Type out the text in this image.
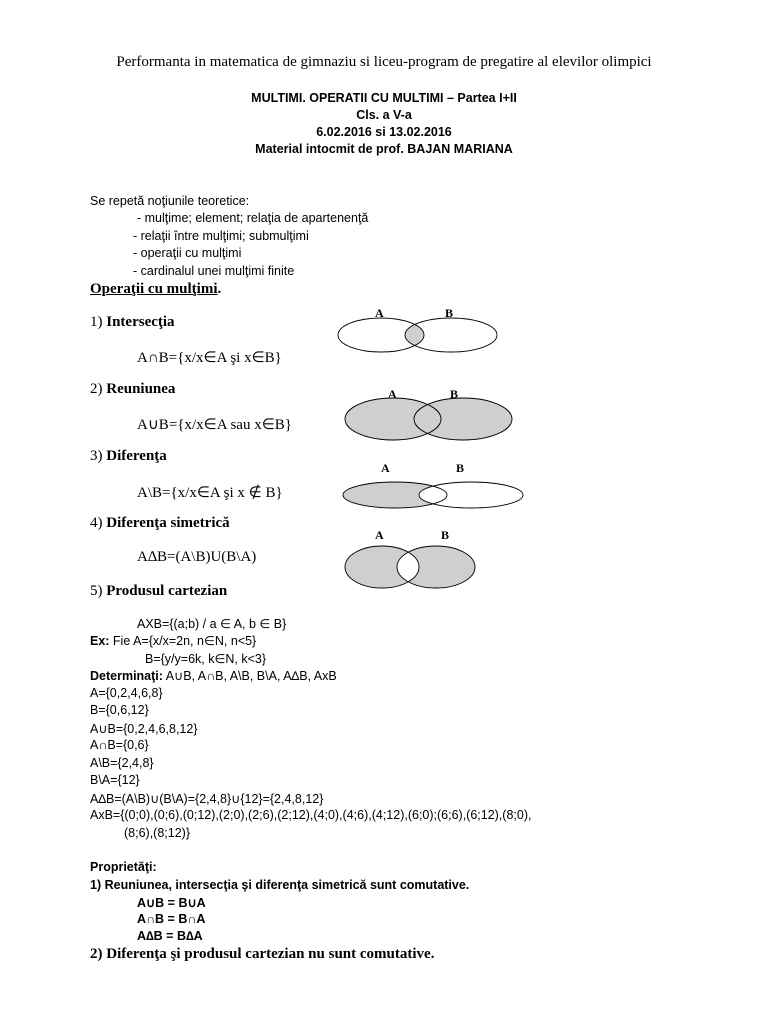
Performanta in matematica de gimnaziu si liceu-program de pregatire al elevilor olimpici
MULTIMI. OPERATII CU MULTIMI – Partea I+II
Cls. a V-a
6.02.2016 si 13.02.2016
Material intocmit de prof. BAJAN MARIANA
Se repetă noţiunile teoretice:
- mulţime; element; relaţia de apartenenţă
- relaţii între mulţimi; submulţimi
- operaţii cu mulţimi
- cardinalul unei mulţimi finite
Operaţii cu mulţimi.
1) Intersecţia
A∩B={x/x∈A şi x∈B}
2) Reuniunea
A∪B={x/x∈A sau x∈B}
3) Diferenţa
A\B={x/x∈A şi x ∉ B}
4) Diferenţa simetrică
A∆B=(A\B)U(B\A)
5) Produsul cartezian
A	B
A	B
A	B
A	B
AXB={(a;b) / a ∈ A, b ∈ B}
Ex: Fie A={x/x=2n, n∈N, n<5}
B={y/y=6k, k∈N, k<3}
Determinaţi: A∪B, A∩B, A\B, B\A, A∆B, AxB
A={0,2,4,6,8}
B={0,6,12}
A∪B={0,2,4,6,8,12}
A∩B={0,6}
A\B={2,4,8}
B\A={12}
A∆B=(A\B)∪(B\A)={2,4,8}∪{12}={2,4,8,12}
AxB={(0;0),(0;6),(0;12),(2;0),(2;6),(2;12),(4;0),(4;6),(4;12),(6;0);(6;6),(6;12),(8;0),
(8;6),(8;12)}
Proprietăţi:
1) Reuniunea, intersecţia şi diferenţa simetrică sunt comutative.
A∪B = B∪A
A∩B = B∩A
A∆B = B∆A
2) Diferenţa şi produsul cartezian nu sunt comutative.
